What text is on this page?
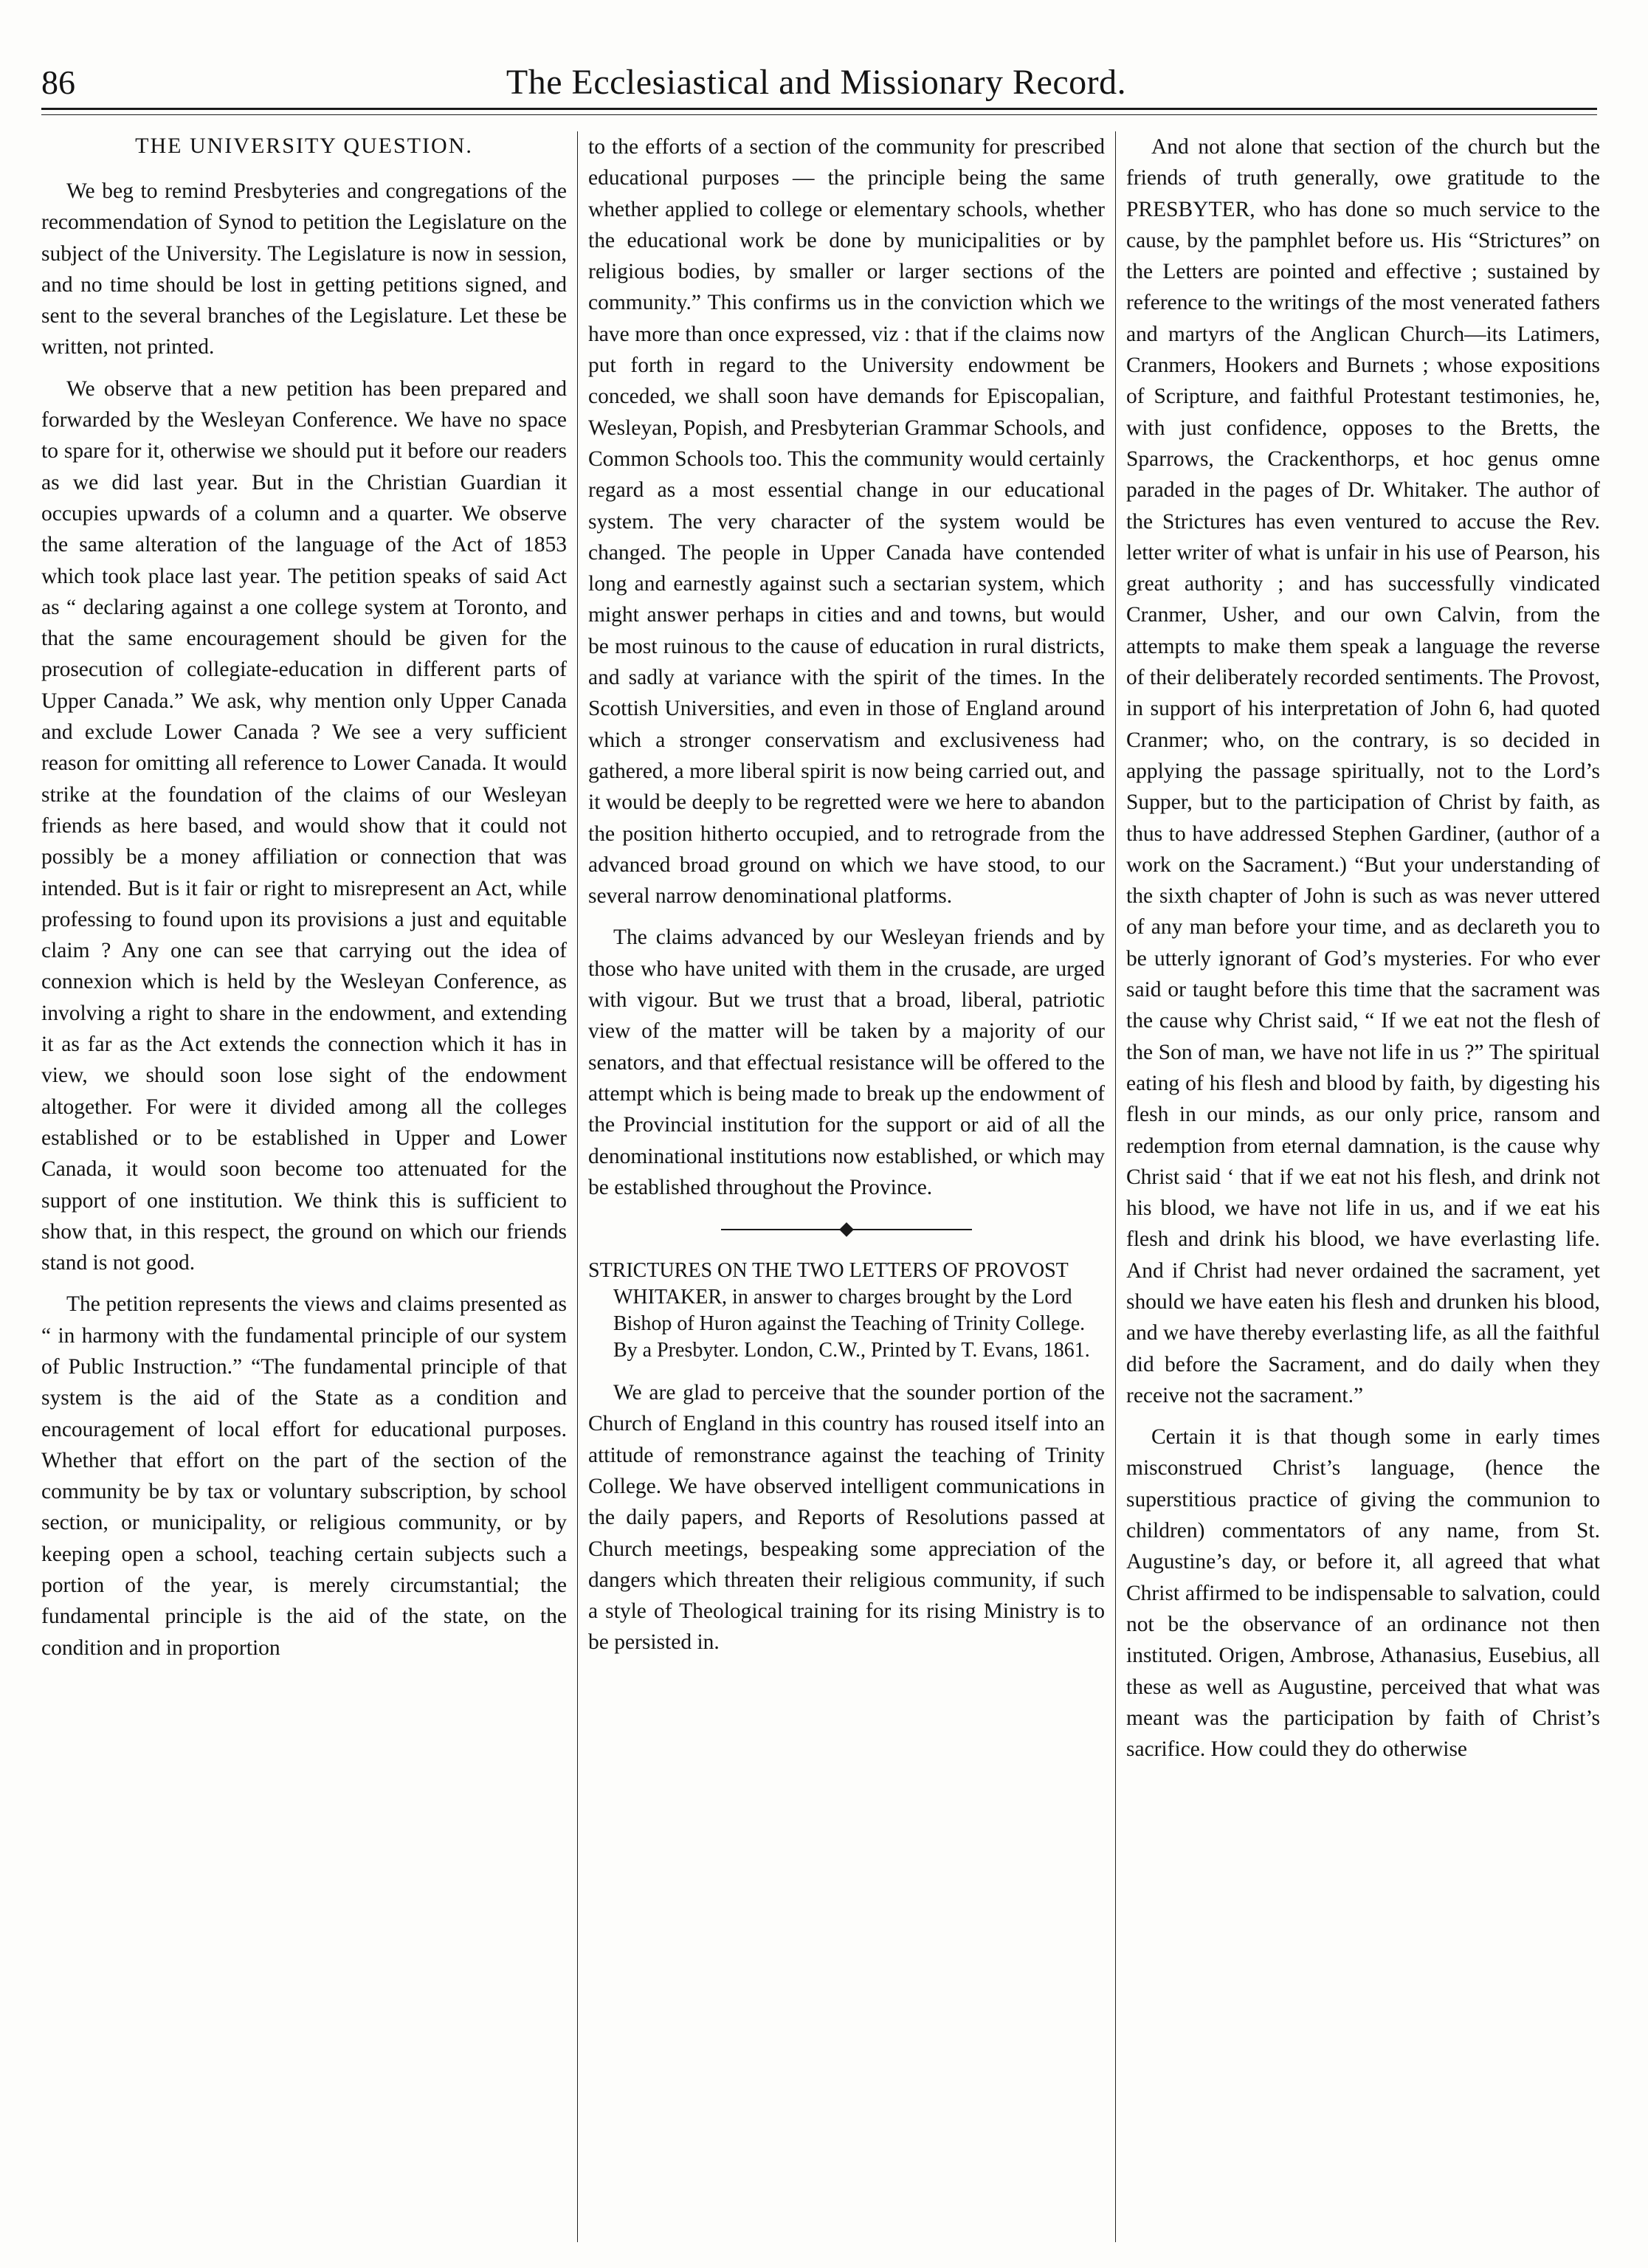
86	The Ecclesiastical and Missionary Record.
THE UNIVERSITY QUESTION.

We beg to remind Presbyteries and congregations of the recommendation of Synod to petition the Legislature on the subject of the University. The Legislature is now in session, and no time should be lost in getting petitions signed, and sent to the several branches of the Legislature. Let these be written, not printed.

We observe that a new petition has been prepared and forwarded by the Wesleyan Conference. We have no space to spare for it, otherwise we should put it before our readers as we did last year. But in the Christian Guardian it occupies upwards of a column and a quarter. We observe the same alteration of the language of the Act of 1853 which took place last year. The petition speaks of said Act as “ declaring against a one college system at Toronto, and that the same encouragement should be given for the prosecution of collegiate-education in different parts of Upper Canada.” We ask, why mention only Upper Canada and exclude Lower Canada ? We see a very sufficient reason for omitting all reference to Lower Canada. It would strike at the foundation of the claims of our Wesleyan friends as here based, and would show that it could not possibly be a money affiliation or connection that was intended. But is it fair or right to misrepresent an Act, while professing to found upon its provisions a just and equitable claim ? Any one can see that carrying out the idea of connexion which is held by the Wesleyan Conference, as involving a right to share in the endowment, and extending it as far as the Act extends the connection which it has in view, we should soon lose sight of the endowment altogether. For were it divided among all the colleges established or to be established in Upper and Lower Canada, it would soon become too attenuated for the support of one institution. We think this is sufficient to show that, in this respect, the ground on which our friends stand is not good.

The petition represents the views and claims presented as “ in harmony with the fundamental principle of our system of Public Instruction.” “The fundamental principle of that system is the aid of the State as a condition and encouragement of local effort for educational purposes. Whether that effort on the part of the section of the community be by tax or voluntary subscription, by school section, or municipality, or religious community, or by keeping open a school, teaching certain subjects such a portion of the year, is merely circumstantial; the fundamental principle is the aid of the state, on the condition and in proportion

to the efforts of a section of the community for prescribed educational purposes — the principle being the same whether applied to college or elementary schools, whether the educational work be done by municipalities or by religious bodies, by smaller or larger sections of the community.” This confirms us in the conviction which we have more than once expressed, viz : that if the claims now put forth in regard to the University endowment be conceded, we shall soon have demands for Episcopalian, Wesleyan, Popish, and Presbyterian Grammar Schools, and Common Schools too. This the community would certainly regard as a most essential change in our educational system. The very character of the system would be changed. The people in Upper Canada have contended long and earnestly against such a sectarian system, which might answer perhaps in cities and and towns, but would be most ruinous to the cause of education in rural districts, and sadly at variance with the spirit of the times. In the Scottish Universities, and even in those of England around which a stronger conservatism and exclusiveness had gathered, a more liberal spirit is now being carried out, and it would be deeply to be regretted were we here to abandon the position hitherto occupied, and to retrograde from the advanced broad ground on which we have stood, to our several narrow denominational platforms.

The claims advanced by our Wesleyan friends and by those who have united with them in the crusade, are urged with vigour. But we trust that a broad, liberal, patriotic view of the matter will be taken by a majority of our senators, and that effectual resistance will be offered to the attempt which is being made to break up the endowment of the Provincial institution for the support or aid of all the denominational institutions now established, or which may be established throughout the Province.

STRICTURES ON THE TWO LETTERS OF PROVOST WHITAKER, in answer to charges brought by the Lord Bishop of Huron against the Teaching of Trinity College. By a Presbyter. London, C.W., Printed by T. Evans, 1861.

We are glad to perceive that the sounder portion of the Church of England in this country has roused itself into an attitude of remonstrance against the teaching of Trinity College. We have observed intelligent communications in the daily papers, and Reports of Resolutions passed at Church meetings, bespeaking some appreciation of the dangers which threaten their religious community, if such a style of Theological training for its rising Ministry is to be persisted in.

And not alone that section of the church but the friends of truth generally, owe gratitude to the PRESBYTER, who has done so much service to the cause, by the pamphlet before us. His “Strictures” on the Letters are pointed and effective ; sustained by reference to the writings of the most venerated fathers and martyrs of the Anglican Church—its Latimers, Cranmers, Hookers and Burnets ; whose expositions of Scripture, and faithful Protestant testimonies, he, with just confidence, opposes to the Bretts, the Sparrows, the Crackenthorps, et hoc genus omne paraded in the pages of Dr. Whitaker. The author of the Strictures has even ventured to accuse the Rev. letter writer of what is unfair in his use of Pearson, his great authority ; and has successfully vindicated Cranmer, Usher, and our own Calvin, from the attempts to make them speak a language the reverse of their deliberately recorded sentiments. The Provost, in support of his interpretation of John 6, had quoted Cranmer; who, on the contrary, is so decided in applying the passage spiritually, not to the Lord’s Supper, but to the participation of Christ by faith, as thus to have addressed Stephen Gardiner, (author of a work on the Sacrament.) “But your understanding of the sixth chapter of John is such as was never uttered of any man before your time, and as declareth you to be utterly ignorant of God’s mysteries. For who ever said or taught before this time that the sacrament was the cause why Christ said, “ If we eat not the flesh of the Son of man, we have not life in us ?” The spiritual eating of his flesh and blood by faith, by digesting his flesh in our minds, as our only price, ransom and redemption from eternal damnation, is the cause why Christ said ‘ that if we eat not his flesh, and drink not his blood, we have not life in us, and if we eat his flesh and drink his blood, we have everlasting life. And if Christ had never ordained the sacrament, yet should we have eaten his flesh and drunken his blood, and we have thereby everlasting life, as all the faithful did before the Sacrament, and do daily when they receive not the sacrament.”

Certain it is that though some in early times misconstrued Christ’s language, (hence the superstitious practice of giving the communion to children) commentators of any name, from St. Augustine’s day, or before it, all agreed that what Christ affirmed to be indispensable to salvation, could not be the observance of an ordinance not then instituted. Origen, Ambrose, Athanasius, Eusebius, all these as well as Augustine, perceived that what was meant was the participation by faith of Christ’s sacrifice. How could they do otherwise
